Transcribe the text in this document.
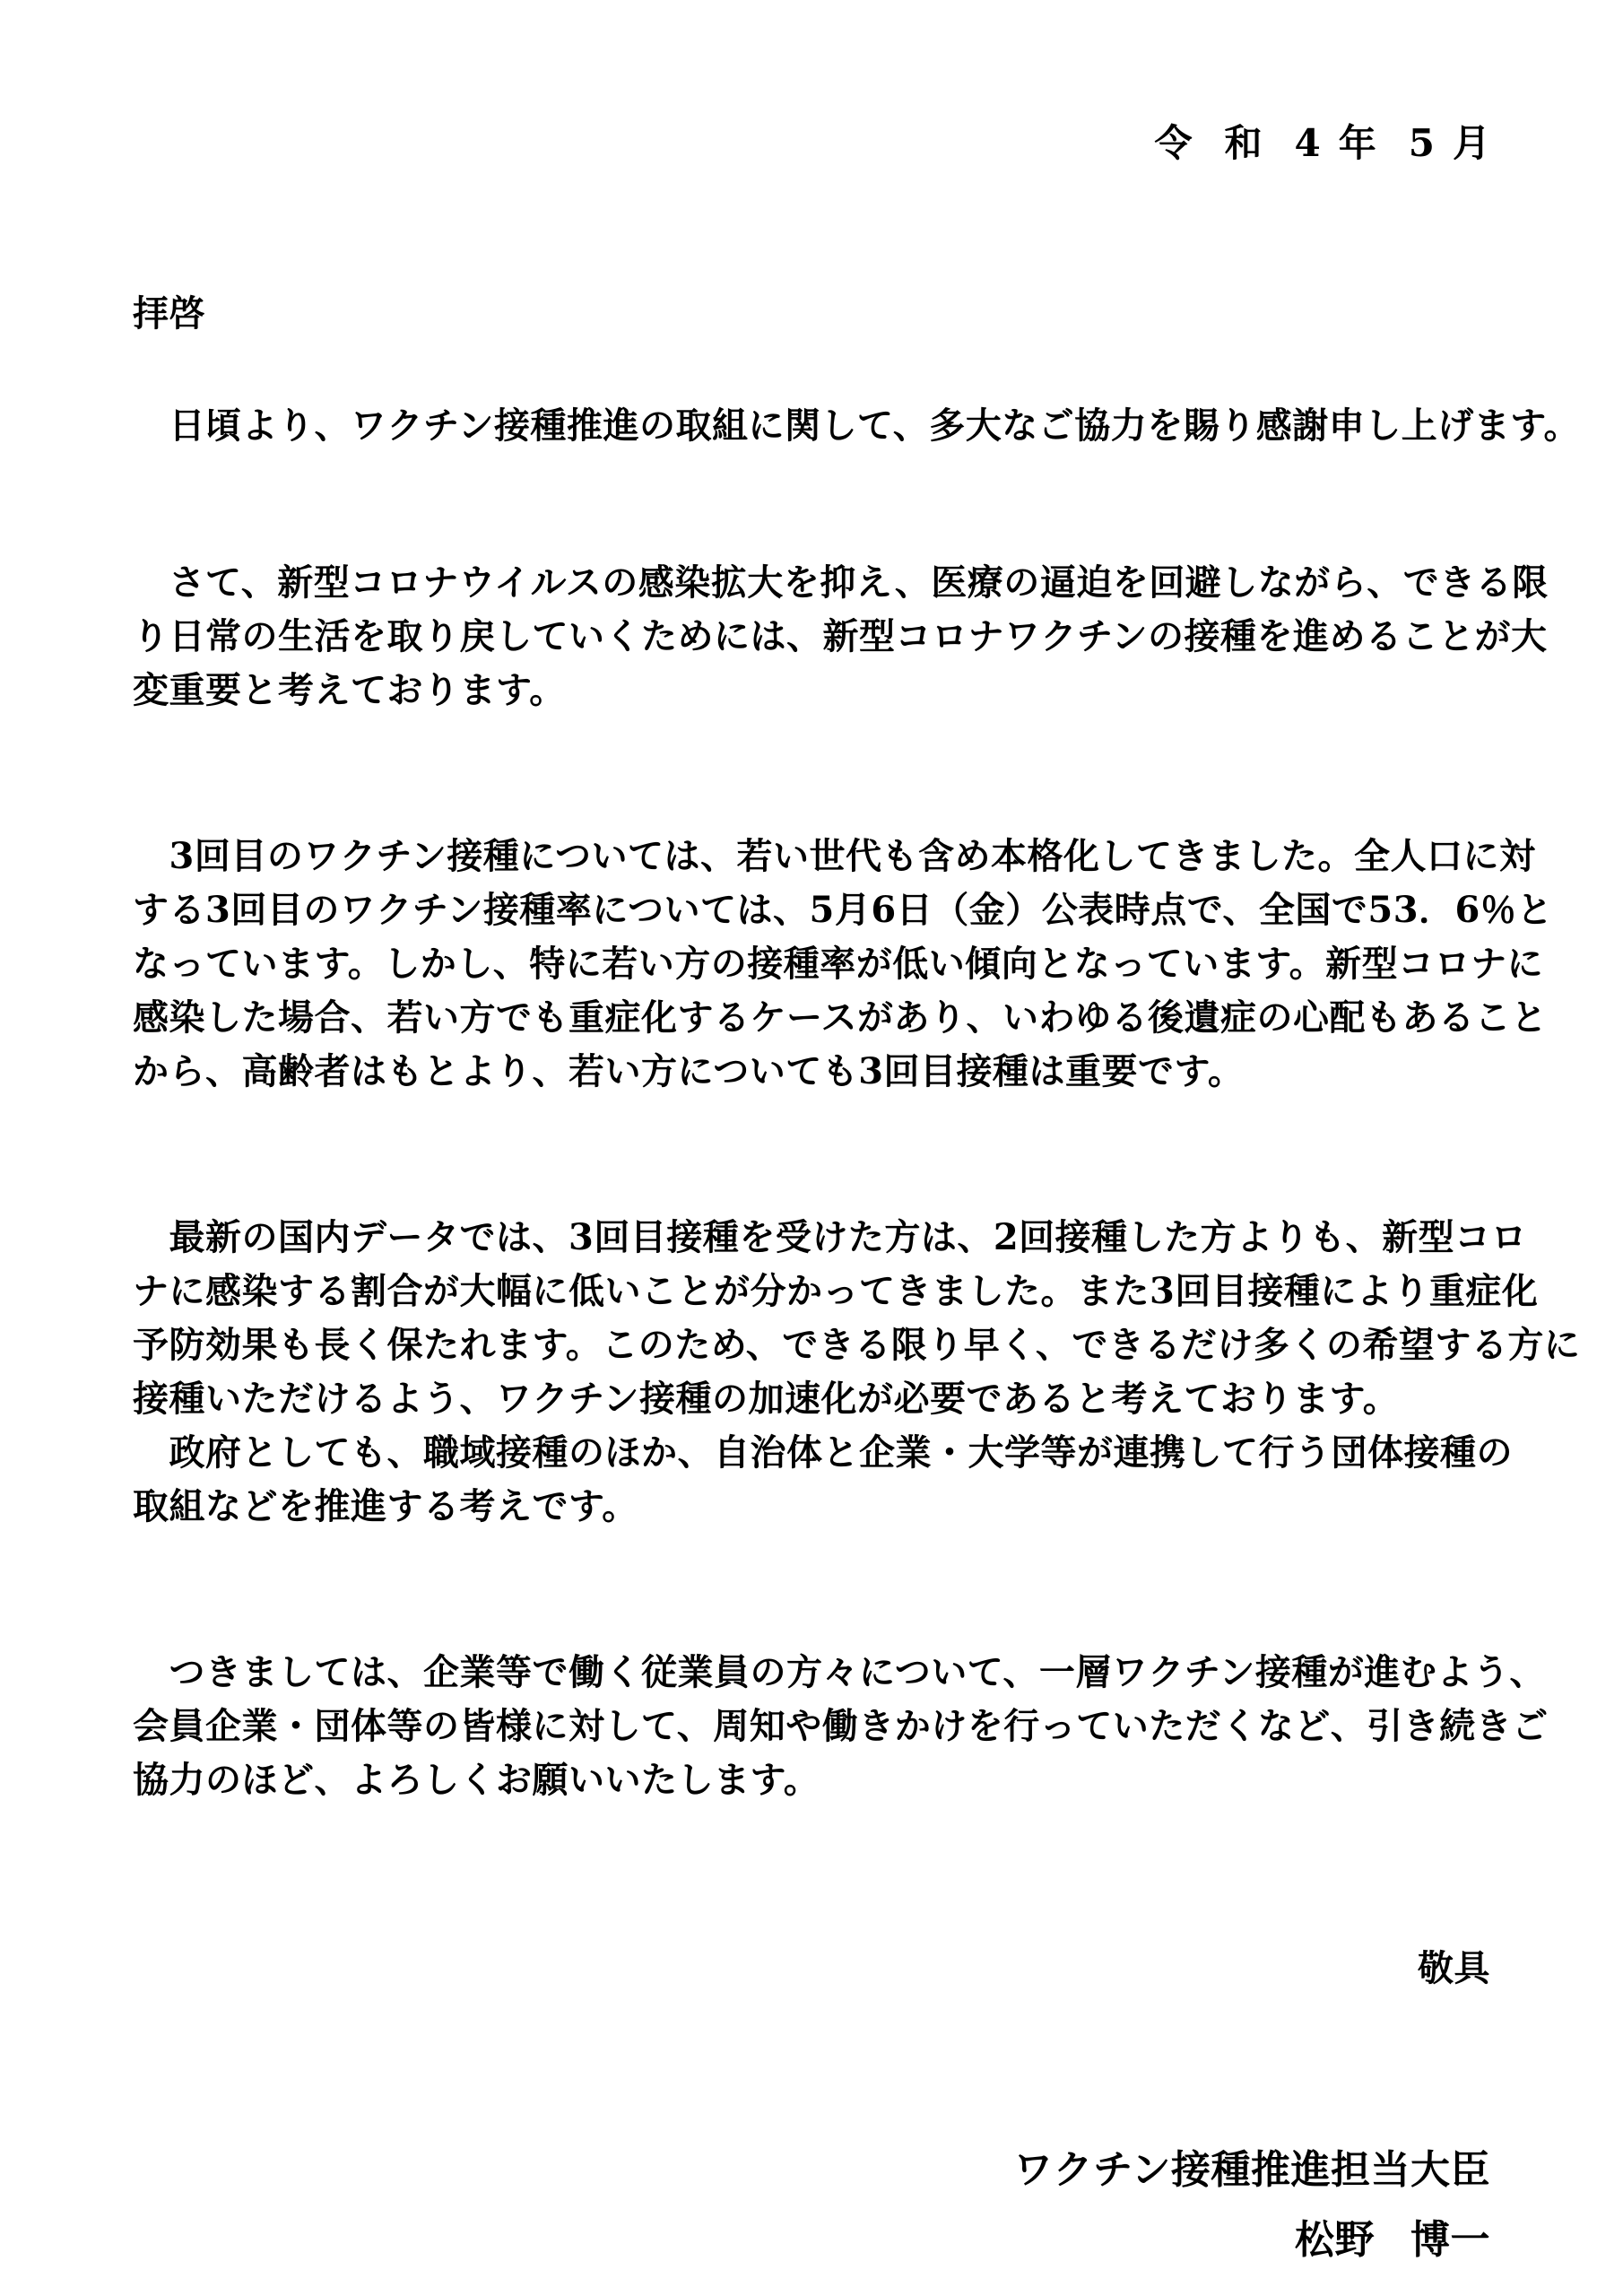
令 和 4 年 5 月
拝啓
　日頃より、ワクチン接種推進の取組に関して、多大なご協力を賜り感謝申し上げます。
　さて、新型コロナウイルスの感染拡大を抑え、医療の逼迫を回避しながら、できる限
り日常の生活を取り戻していくためには、新型コロナワクチンの接種を進めることが大
変重要と考えております。
　3回目のワクチン接種については、若い世代も含め本格化してきました。全人口に対
する3回目のワクチン接種率については、5月6日（金）公表時点で、全国で53．6％と
なっています。しかし、特に若い方の接種率が低い傾向となっています。新型コロナに
感染した場合、若い方でも重症化するケースがあり、いわゆる後遺症の心配もあること
から、高齢者はもとより、若い方についても3回目接種は重要です。
　最新の国内データでは、3回目接種を受けた方は、2回接種した方よりも、新型コロ
ナに感染する割合が大幅に低いことが分かってきました。また3回目接種により重症化
予防効果も長く保たれます。このため、できる限り早く、できるだけ多くの希望する方に
接種いただけるよう、ワクチン接種の加速化が必要であると考えております。
　政府としても、職域接種のほか、自治体と企業・大学等が連携して行う団体接種の
取組などを推進する考えです。
　つきましては、企業等で働く従業員の方々について、一層ワクチン接種が進むよう、
会員企業・団体等の皆様に対して、周知や働きかけを行っていただくなど、引き続きご
協力のほど、よろしくお願いいたします。
敬具
ワクチン接種推進担当大臣
松野 博一
